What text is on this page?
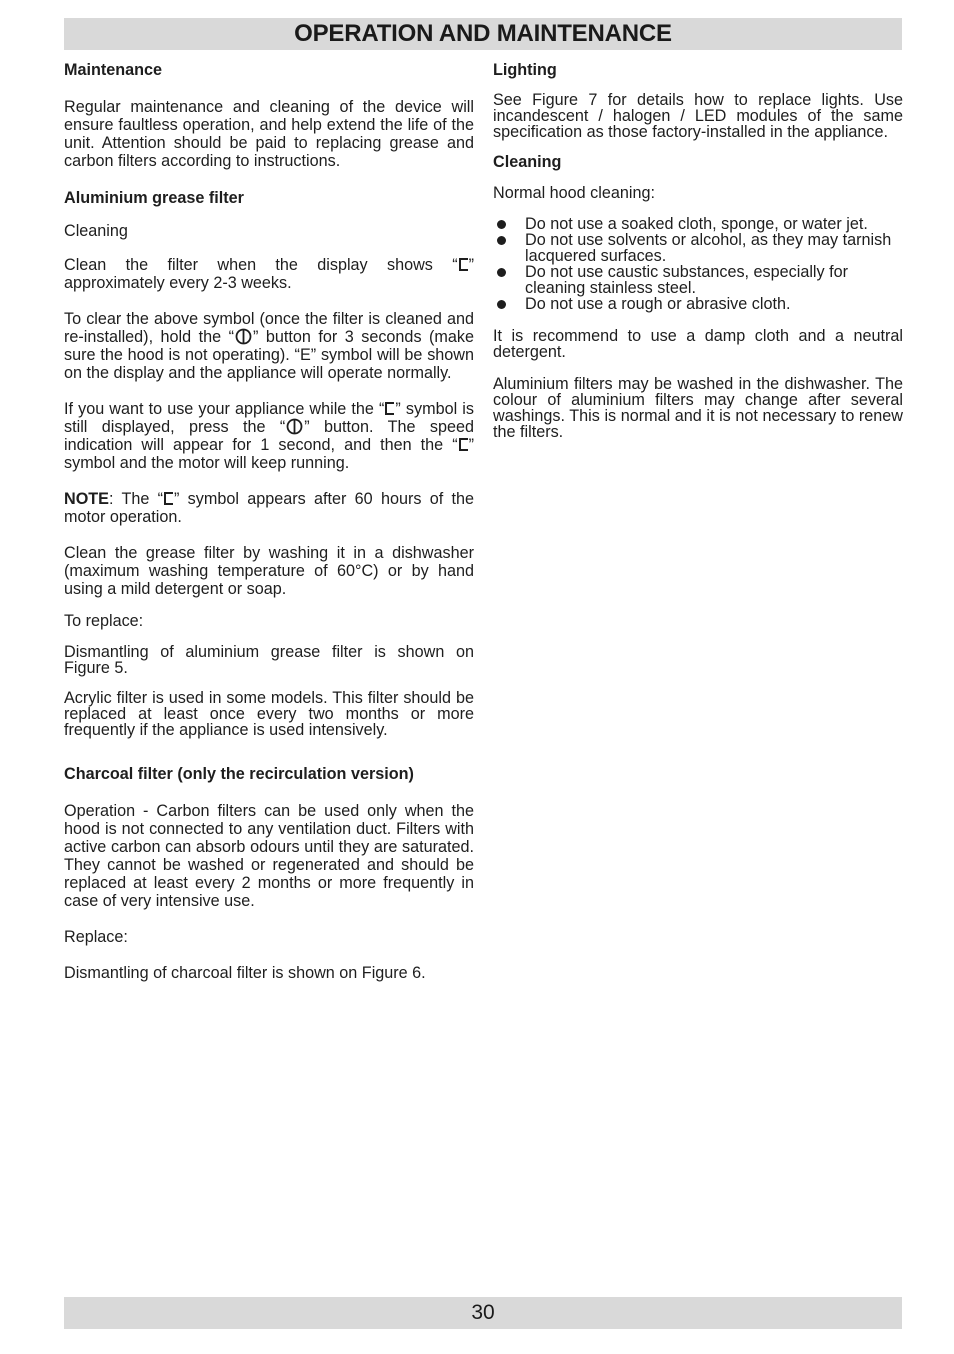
OPERATION AND MAINTENANCE
Maintenance

Regular maintenance and cleaning of the device will ensure faultless operation, and help extend the life of the unit. Attention should be paid to replacing grease and carbon filters according to instructions.

Aluminium grease filter

Cleaning

Clean the filter when the display shows “ ” approximately every 2-3 weeks.

To clear the above symbol (once the filter is cleaned and re-installed), hold the “ ” button for 3 seconds (make sure the hood is not operating). “E” symbol will be shown on the display and the appliance will operate normally.

If you want to use your appliance while the “ ” symbol is still displayed, press the “ ” button. The speed indication will appear for 1 second, and then the “ ” symbol and the motor will keep running.

NOTE: The “ ” symbol appears after 60 hours of the motor operation.

Clean the grease filter by washing it in a dishwasher (maximum washing temperature of 60°C) or by hand using a mild detergent or soap.

To replace:

Dismantling of aluminium grease filter is shown on Figure 5.

Acrylic filter is used in some models. This filter should be replaced at least once every two months or more frequently if the appliance is used intensively.

Charcoal filter (only the recirculation version)

Operation - Carbon filters can be used only when the hood is not connected to any ventilation duct. Filters with active carbon can absorb odours until they are saturated. They cannot be washed or regenerated and should be replaced at least every 2 months or more frequently in case of very intensive use.

Replace:

Dismantling of charcoal filter is shown on Figure 6.

Lighting

See Figure 7 for details how to replace lights. Use incandescent / halogen / LED modules of the same specification as those factory-installed in the appliance.

Cleaning

Normal hood cleaning:

Do not use a soaked cloth, sponge, or water jet.
Do not use solvents or alcohol, as they may tarnish lacquered surfaces.
Do not use caustic substances, especially for cleaning stainless steel.
Do not use a rough or abrasive cloth.

It is recommend to use a damp cloth and a neutral detergent.

Aluminium filters may be washed in the dishwasher. The colour of aluminium filters may change after several washings. This is normal and it is not necessary to renew the filters.

30
